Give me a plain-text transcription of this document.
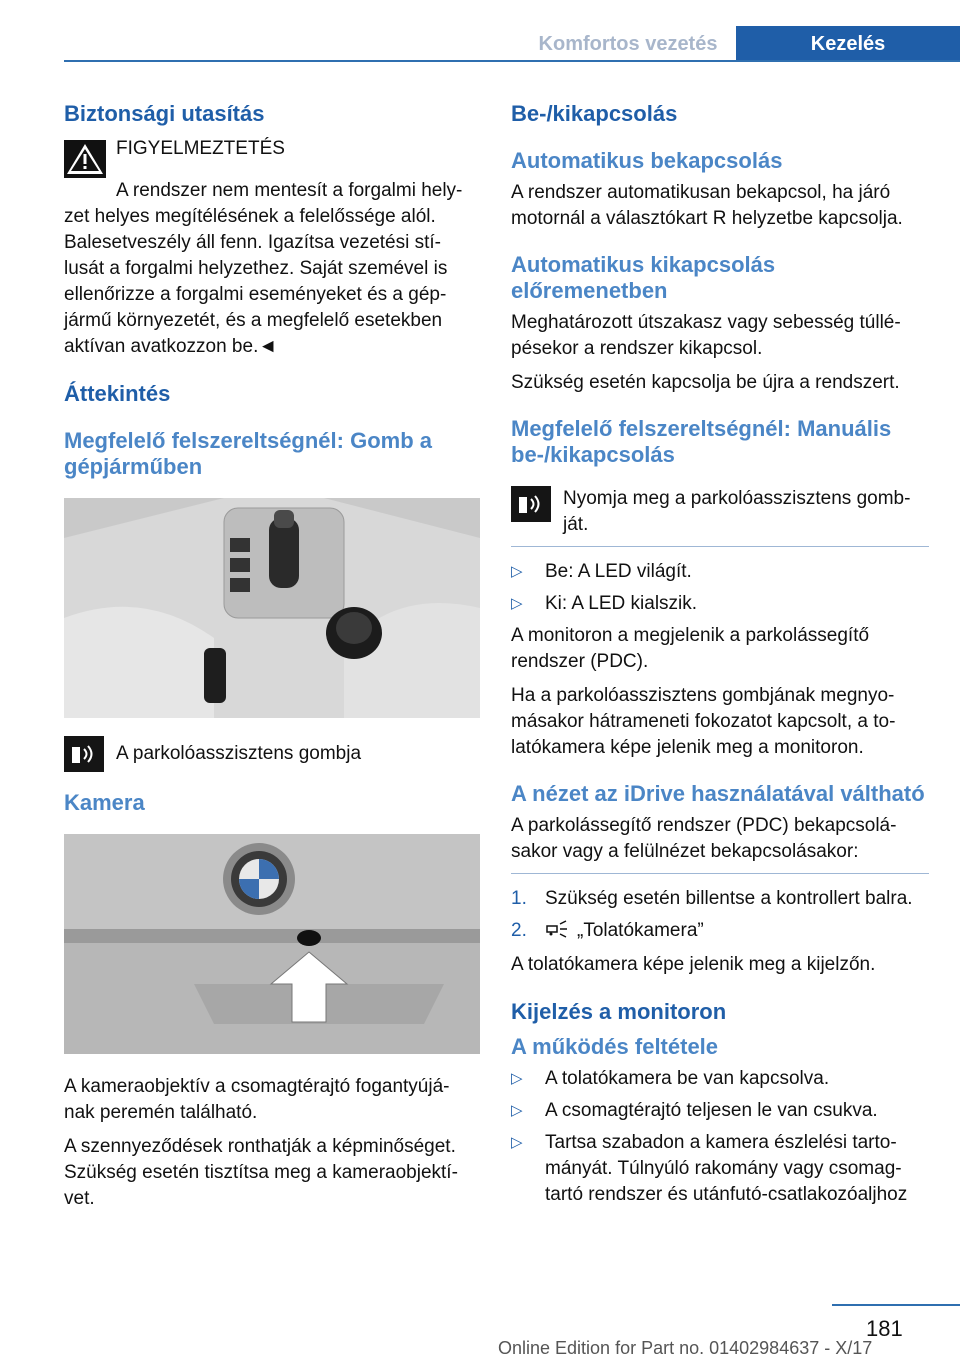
Komfortos vezetés	Kezelés
Biztonsági utasítás
FIGYELMEZTETÉS

A rendszer nem mentesít a forgalmi hely-zet helyes megítélésének a felelőssége alól. Balesetveszély áll fenn. Igazítsa vezetési stí-lusát a forgalmi helyzethez. Saját szemével is ellenőrizze a forgalmi eseményeket és a gép-jármű környezetét, és a megfelelő esetekben aktívan avatkozzon be.◄

Áttekintés
Megfelelő felszereltségnél: Gomb a gépjárműben

A parkolóasszisztens gombja

Kamera

A kameraobjektív a csomagtérajtó fogantyújá-nak peremén található.

A szennyeződések ronthatják a képminőséget. Szükség esetén tisztítsa meg a kameraobjektí-vet.

Be-/kikapcsolás
Automatikus bekapcsolás

A rendszer automatikusan bekapcsol, ha járó motornál a választókart R helyzetbe kapcsolja.

Automatikus kikapcsolás előremenetben

Meghatározott útszakasz vagy sebesség túllé-pésekor a rendszer kikapcsol.

Szükség esetén kapcsolja be újra a rendszert.

Megfelelő felszereltségnél: Manuális be-/kikapcsolás

Nyomja meg a parkolóasszisztens gomb-ját.

▷	Be: A LED világít.
▷	Ki: A LED kialszik.

A monitoron a megjelenik a parkolássegítő rendszer (PDC).

Ha a parkolóasszisztens gombjának megnyo-másakor hátrameneti fokozatot kapcsolt, a to-latókamera képe jelenik meg a monitoron.

A nézet az iDrive használatával váltható

A parkolássegítő rendszer (PDC) bekapcsolá-sakor vagy a felülnézet bekapcsolásakor:

1. Szükség esetén billentse a kontrollert balra.
2.	„Tolatókamera”

A tolatókamera képe jelenik meg a kijelzőn.

Kijelzés a monitoron
A működés feltétele
▷	A tolatókamera be van kapcsolva.
▷	A csomagtérajtó teljesen le van csukva.
▷	Tartsa szabadon a kamera észlelési tarto-mányát. Túlnyúló rakomány vagy csomag-tartó rendszer és utánfutó-csatlakozóaljhoz
181
Online Edition for Part no. 01402984637 - X/17
